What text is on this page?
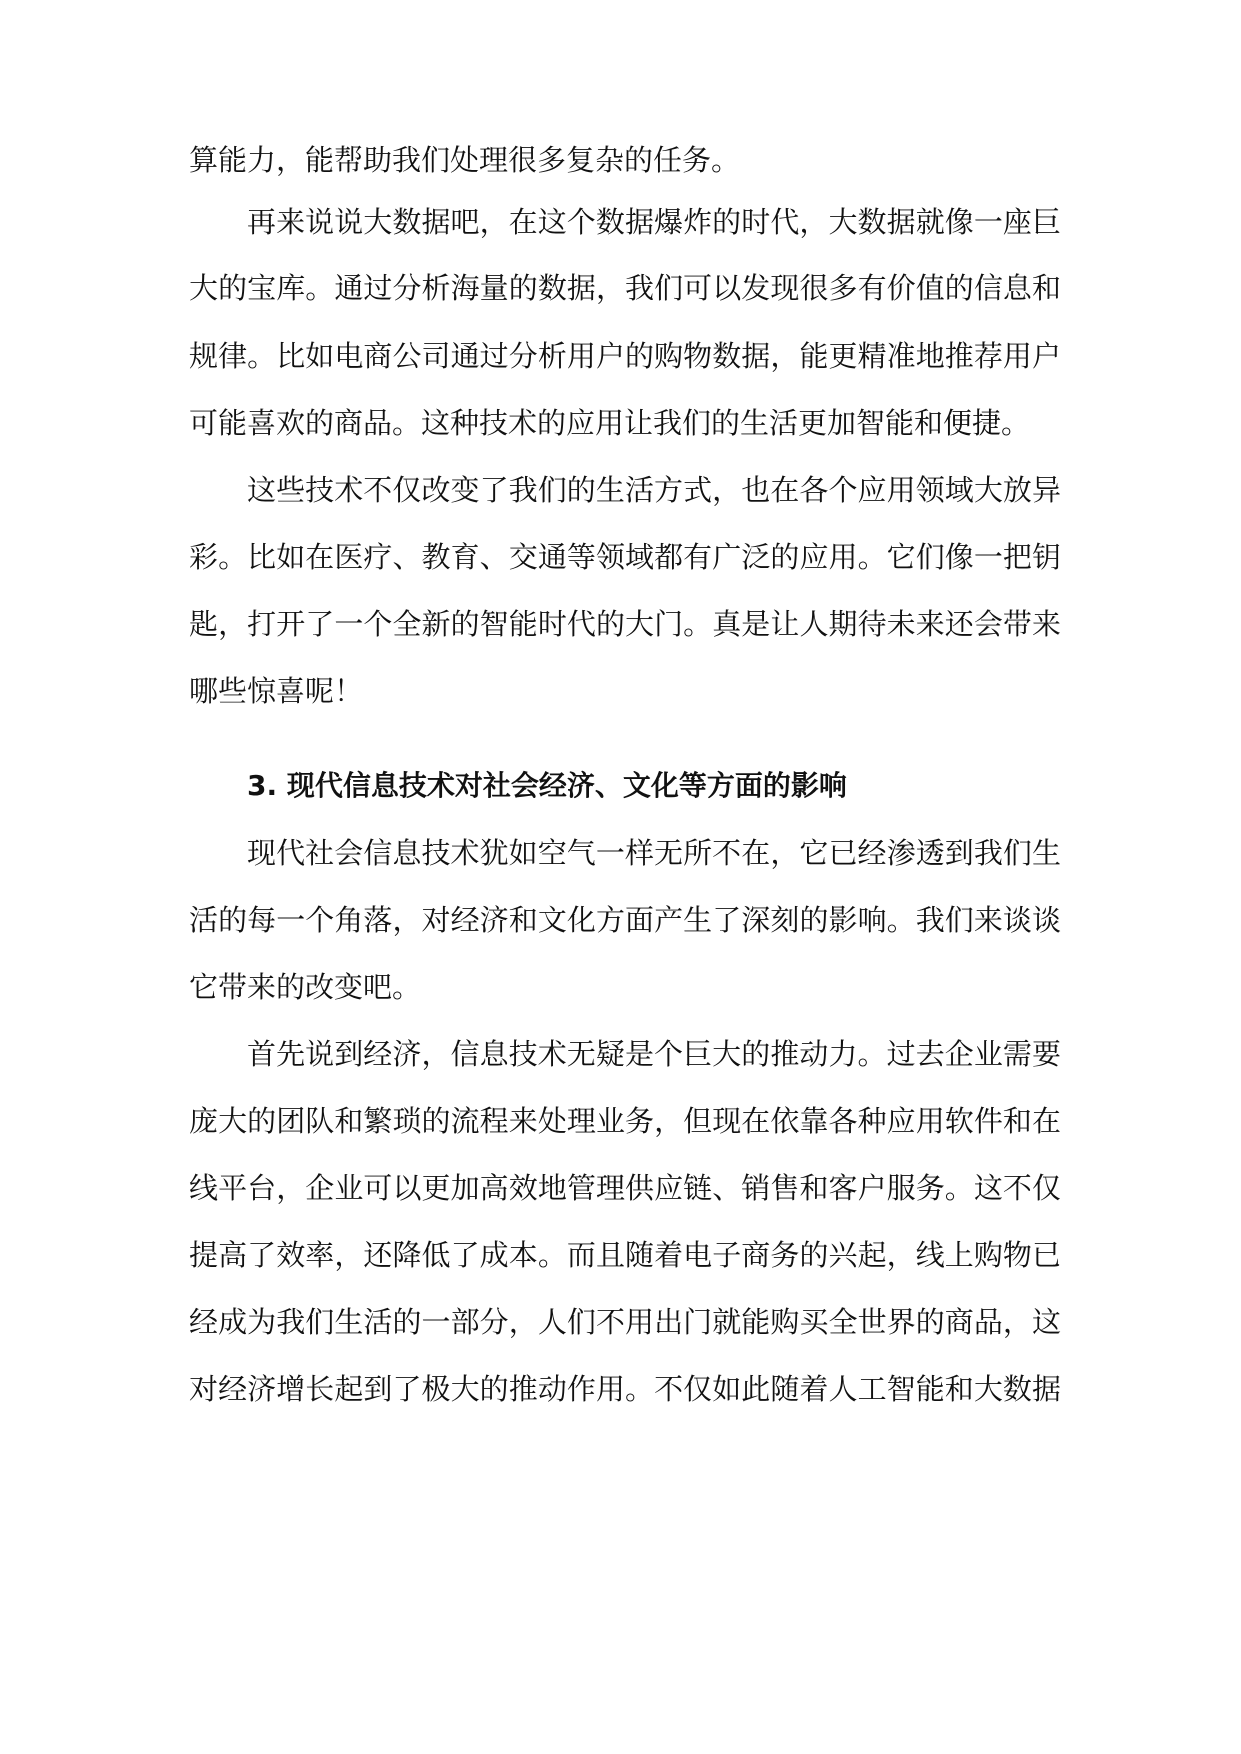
算能力，能帮助我们处理很多复杂的任务。
再来说说大数据吧，在这个数据爆炸的时代，大数据就像一座巨
大的宝库。通过分析海量的数据，我们可以发现很多有价值的信息和
规律。比如电商公司通过分析用户的购物数据，能更精准地推荐用户
可能喜欢的商品。这种技术的应用让我们的生活更加智能和便捷。
这些技术不仅改变了我们的生活方式，也在各个应用领域大放异
彩。比如在医疗、教育、交通等领域都有广泛的应用。它们像一把钥
匙，打开了一个全新的智能时代的大门。真是让人期待未来还会带来
哪些惊喜呢！
3. 现代信息技术对社会经济、文化等方面的影响
现代社会信息技术犹如空气一样无所不在，它已经渗透到我们生
活的每一个角落，对经济和文化方面产生了深刻的影响。我们来谈谈
它带来的改变吧。
首先说到经济，信息技术无疑是个巨大的推动力。过去企业需要
庞大的团队和繁琐的流程来处理业务，但现在依靠各种应用软件和在
线平台，企业可以更加高效地管理供应链、销售和客户服务。这不仅
提高了效率，还降低了成本。而且随着电子商务的兴起，线上购物已
经成为我们生活的一部分，人们不用出门就能购买全世界的商品，这
对经济增长起到了极大的推动作用。不仅如此随着人工智能和大数据
